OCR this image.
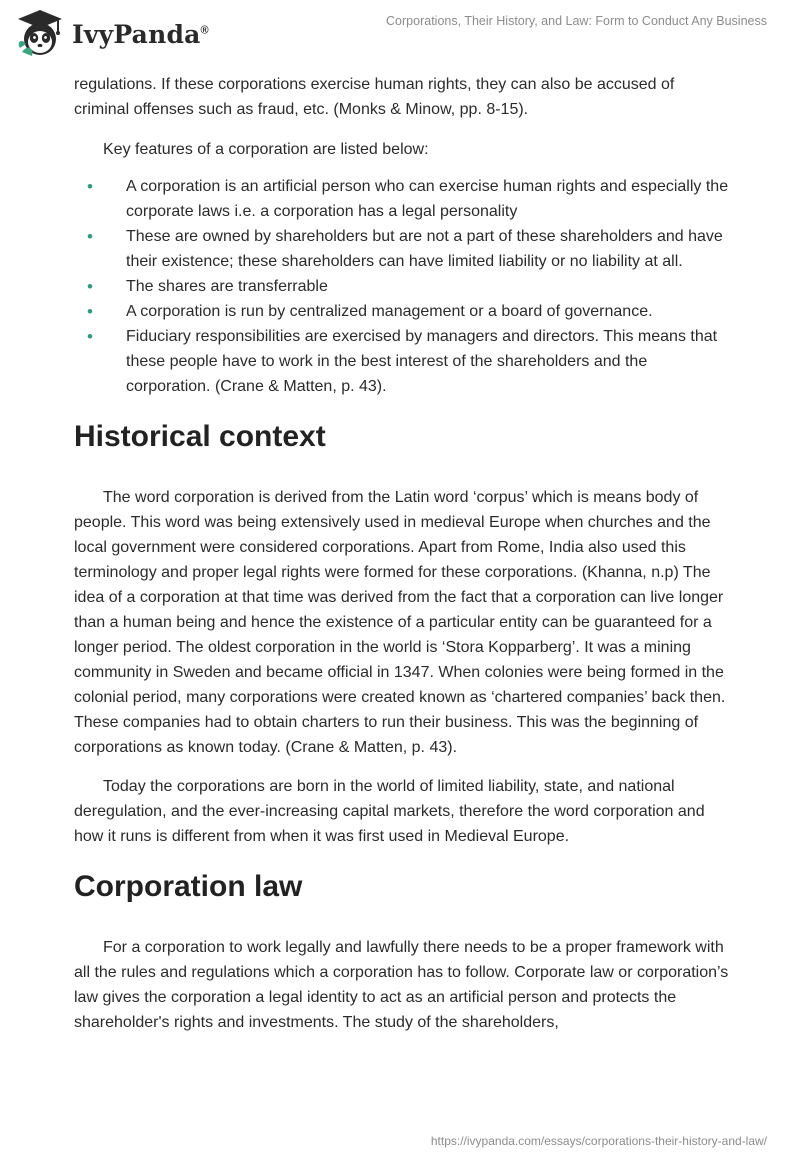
IvyPanda®
Corporations, Their History, and Law: Form to Conduct Any Business

regulations. If these corporations exercise human rights, they can also be accused of criminal offenses such as fraud, etc. (Monks & Minow, pp. 8-15).

Key features of a corporation are listed below:

• A corporation is an artificial person who can exercise human rights and especially the corporate laws i.e. a corporation has a legal personality
• These are owned by shareholders but are not a part of these shareholders and have their existence; these shareholders can have limited liability or no liability at all.
• The shares are transferrable
• A corporation is run by centralized management or a board of governance.
• Fiduciary responsibilities are exercised by managers and directors. This means that these people have to work in the best interest of the shareholders and the corporation. (Crane & Matten, p. 43).
Historical context

The word corporation is derived from the Latin word ‘corpus’ which is means body of people. This word was being extensively used in medieval Europe when churches and the local government were considered corporations. Apart from Rome, India also used this terminology and proper legal rights were formed for these corporations. (Khanna, n.p) The idea of a corporation at that time was derived from the fact that a corporation can live longer than a human being and hence the existence of a particular entity can be guaranteed for a longer period. The oldest corporation in the world is ‘Stora Kopparberg’. It was a mining community in Sweden and became official in 1347. When colonies were being formed in the colonial period, many corporations were created known as ‘chartered companies’ back then. These companies had to obtain charters to run their business. This was the beginning of corporations as known today. (Crane & Matten, p. 43).

Today the corporations are born in the world of limited liability, state, and national deregulation, and the ever-increasing capital markets, therefore the word corporation and how it runs is different from when it was first used in Medieval Europe.

Corporation law

For a corporation to work legally and lawfully there needs to be a proper framework with all the rules and regulations which a corporation has to follow. Corporate law or corporation’s law gives the corporation a legal identity to act as an artificial person and protects the shareholder's rights and investments. The study of the shareholders,

https://ivypanda.com/essays/corporations-their-history-and-law/
